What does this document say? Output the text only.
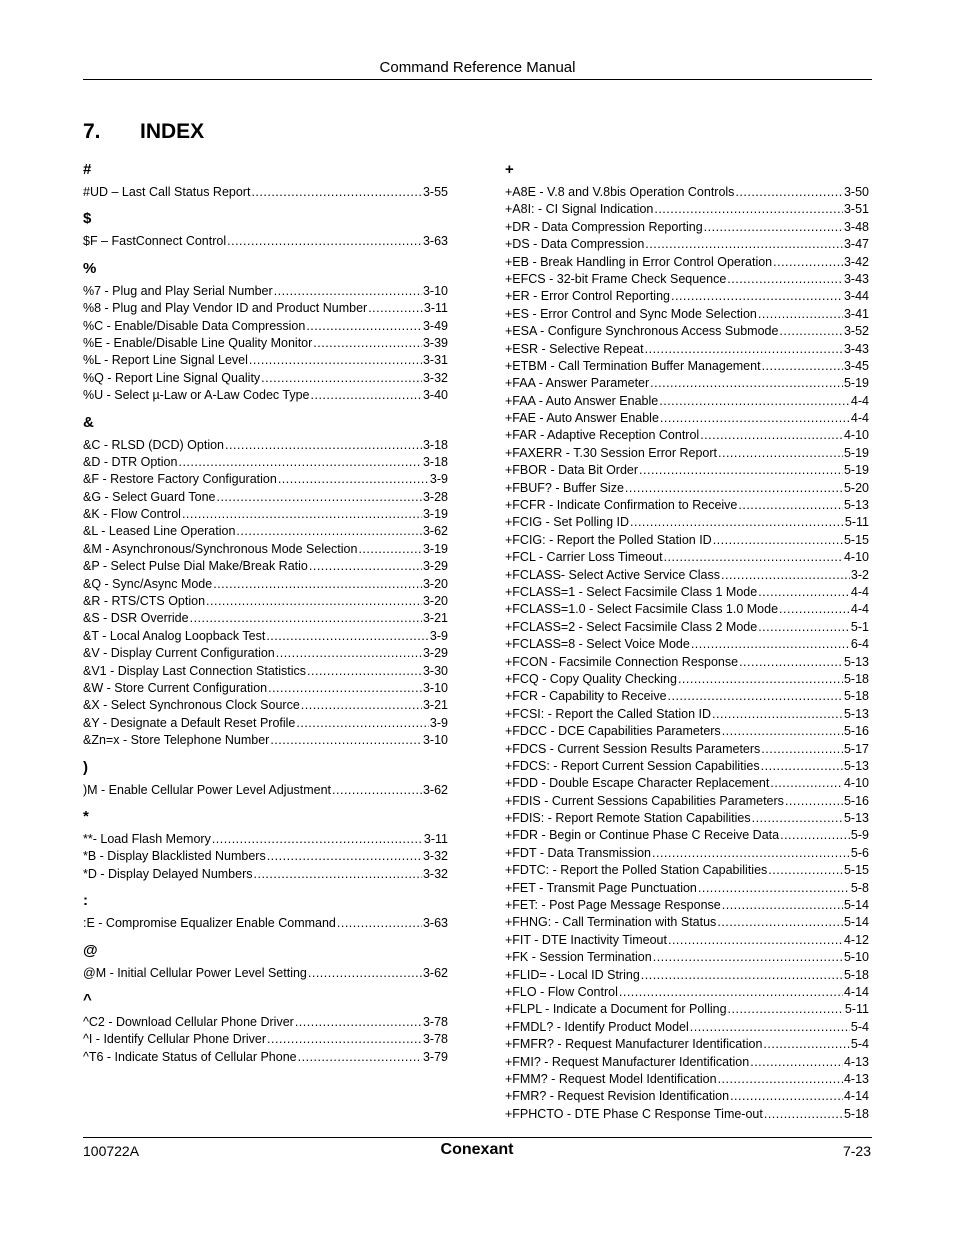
Command Reference Manual
7. INDEX
#
#UD – Last Call Status Report .....	3-55
$
$F – FastConnect Control .....	3-63
%
%7 - Plug and Play Serial Number .....	3-10
%8 - Plug and Play Vendor ID and Product Number .....	3-11
%C - Enable/Disable Data Compression .....	3-49
%E - Enable/Disable Line Quality Monitor .....	3-39
%L - Report Line Signal Level .....	3-31
%Q - Report Line Signal Quality .....	3-32
%U - Select µ-Law or A-Law Codec Type .....	3-40
&
&C - RLSD (DCD) Option .....	3-18
&D - DTR Option .....	3-18
&F - Restore Factory Configuration .....	3-9
&G - Select Guard Tone .....	3-28
&K - Flow Control .....	3-19
&L - Leased Line Operation .....	3-62
&M - Asynchronous/Synchronous Mode Selection .....	3-19
&P - Select Pulse Dial Make/Break Ratio .....	3-29
&Q - Sync/Async Mode .....	3-20
&R - RTS/CTS Option .....	3-20
&S - DSR Override .....	3-21
&T - Local Analog Loopback Test .....	3-9
&V - Display Current Configuration .....	3-29
&V1 - Display Last Connection Statistics .....	3-30
&W - Store Current Configuration .....	3-10
&X - Select Synchronous Clock Source .....	3-21
&Y - Designate a Default Reset Profile .....	3-9
&Zn=x - Store Telephone Number .....	3-10
)
)M - Enable Cellular Power Level Adjustment .....	3-62
*
**- Load Flash Memory .....	3-11
*B - Display Blacklisted Numbers .....	3-32
*D - Display Delayed Numbers .....	3-32
:
:E - Compromise Equalizer Enable Command .....	3-63
@
@M - Initial Cellular Power Level Setting .....	3-62
^
^C2 - Download Cellular Phone Driver .....	3-78
^I - Identify Cellular Phone Driver .....	3-78
^T6 - Indicate Status of Cellular Phone .....	3-79
+
+A8E - V.8 and V.8bis Operation Controls .....	3-50
+A8I: - CI Signal Indication .....	3-51
+DR - Data Compression Reporting .....	3-48
+DS - Data Compression .....	3-47
+EB - Break Handling in Error Control Operation .....	3-42
+EFCS - 32-bit Frame Check Sequence .....	3-43
+ER - Error Control Reporting .....	3-44
+ES - Error Control and Sync Mode Selection .....	3-41
+ESA - Configure Synchronous Access Submode .....	3-52
+ESR - Selective Repeat .....	3-43
+ETBM - Call Termination Buffer Management .....	3-45
+FAA - Answer Parameter .....	5-19
+FAA - Auto Answer Enable .....	4-4
+FAE - Auto Answer Enable .....	4-4
+FAR - Adaptive Reception Control .....	4-10
+FAXERR - T.30 Session Error Report .....	5-19
+FBOR - Data Bit Order .....	5-19
+FBUF? - Buffer Size .....	5-20
+FCFR - Indicate Confirmation to Receive .....	5-13
+FCIG - Set Polling ID .....	5-11
+FCIG: - Report the Polled Station ID .....	5-15
+FCL - Carrier Loss Timeout .....	4-10
+FCLASS- Select Active Service Class .....	3-2
+FCLASS=1 - Select Facsimile Class 1 Mode .....	4-4
+FCLASS=1.0 - Select Facsimile Class 1.0 Mode .....	4-4
+FCLASS=2 - Select Facsimile Class 2 Mode .....	5-1
+FCLASS=8 - Select Voice Mode .....	6-4
+FCON - Facsimile Connection Response .....	5-13
+FCQ - Copy Quality Checking .....	5-18
+FCR - Capability to Receive .....	5-18
+FCSI: - Report the Called Station ID .....	5-13
+FDCC - DCE Capabilities Parameters .....	5-16
+FDCS - Current Session Results Parameters .....	5-17
+FDCS: - Report Current Session Capabilities .....	5-13
+FDD - Double Escape Character Replacement .....	4-10
+FDIS - Current Sessions Capabilities Parameters .....	5-16
+FDIS: - Report Remote Station Capabilities .....	5-13
+FDR - Begin or Continue Phase C Receive Data .....	5-9
+FDT - Data Transmission .....	5-6
+FDTC: - Report the Polled Station Capabilities .....	5-15
+FET - Transmit Page Punctuation .....	5-8
+FET: - Post Page Message Response .....	5-14
+FHNG: - Call Termination with Status .....	5-14
+FIT - DTE Inactivity Timeout .....	4-12
+FK - Session Termination .....	5-10
+FLID= - Local ID String .....	5-18
+FLO - Flow Control .....	4-14
+FLPL - Indicate a Document for Polling .....	5-11
+FMDL? - Identify Product Model .....	5-4
+FMFR? - Request Manufacturer Identification .....	5-4
+FMI? - Request Manufacturer Identification .....	4-13
+FMM? - Request Model Identification .....	4-13
+FMR? - Request Revision Identification .....	4-14
+FPHCTO - DTE Phase C Response Time-out .....	5-18
100722A	Conexant	7-23
